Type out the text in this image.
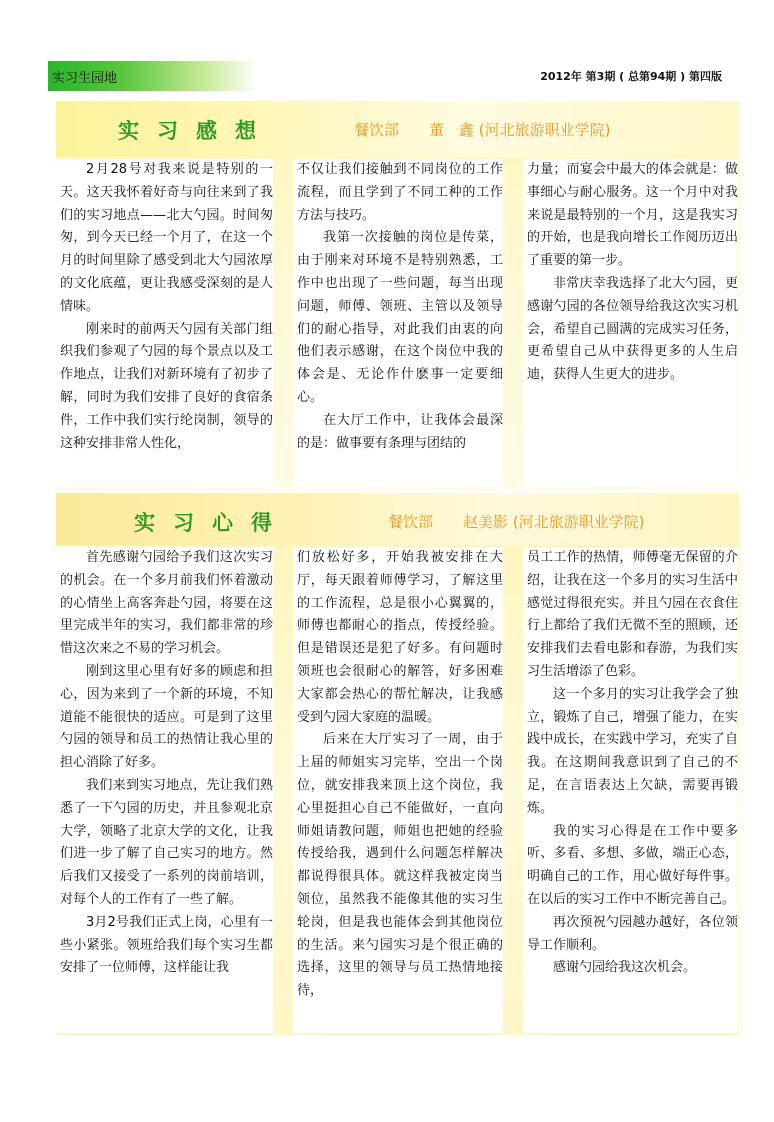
实习生园地	2012年 第3期 ( 总第94期 ) 第四版
实习感想	餐饮部　　董　鑫 (河北旅游职业学院)

2月28号对我来说是特别的一天。这天我怀着好奇与向往来到了我们的实习地点——北大勺园。时间匆匆，到今天已经一个月了，在这一个月的时间里除了感受到北大勺园浓厚的文化底蕴，更让我感受深刻的是人情味。

刚来时的前两天勺园有关部门组织我们参观了勺园的每个景点以及工作地点，让我们对新环境有了初步了解，同时为我们安排了良好的食宿条件，工作中我们实行纶岗制，领导的这种安排非常人性化，

不仅让我们接触到不同岗位的工作流程，而且学到了不同工种的工作方法与技巧。

我第一次接触的岗位是传菜，由于刚来对环境不是特别熟悉，工作中也出现了一些问题，每当出现问题，师傅、领班、主管以及领导们的耐心指导，对此我们由衷的向他们表示感谢，在这个岗位中我的体会是、无论作什麽事一定要细心。

在大厅工作中，让我体会最深的是：做事要有条理与团结的

力量；而宴会中最大的体会就是：做事细心与耐心服务。这一个月中对我来说是最特别的一个月，这是我实习的开始，也是我向增长工作阅历迈出了重要的第一步。

非常庆幸我选择了北大勺园，更感谢勺园的各位领导给我这次实习机会，希望自己圆满的完成实习任务，更希望自己从中获得更多的人生启迪，获得人生更大的进步。

实习心得	餐饮部　　赵美影 (河北旅游职业学院)

首先感谢勺园给予我们这次实习的机会。在一个多月前我们怀着激动的心情坐上高客奔赴勺园，将要在这里完成半年的实习，我们都非常的珍惜这次来之不易的学习机会。

刚到这里心里有好多的顾虑和担心，因为来到了一个新的环境，不知道能不能很快的适应。可是到了这里勺园的领导和员工的热情让我心里的担心消除了好多。

我们来到实习地点，先让我们熟悉了一下勺园的历史，并且参观北京大学，领略了北京大学的文化，让我们进一步了解了自己实习的地方。然后我们又接受了一系列的岗前培训，对每个人的工作有了一些了解。

3月2号我们正式上岗，心里有一些小紧张。领班给我们每个实习生都安排了一位师傅，这样能让我

们放松好多，开始我被安排在大厅，每天跟着师傅学习，了解这里的工作流程，总是很小心翼翼的，师傅也都耐心的指点，传授经验。但是错误还是犯了好多。有问题时领班也会很耐心的解答，好多困难大家都会热心的帮忙解决，让我感受到勺园大家庭的温暖。

后来在大厅实习了一周，由于上届的师姐实习完毕，空出一个岗位，就安排我来顶上这个岗位，我心里挺担心自己不能做好，一直向师姐请教问题，师姐也把她的经验传授给我，遇到什么问题怎样解决都说得很具体。就这样我被定岗当领位，虽然我不能像其他的实习生轮岗，但是我也能体会到其他岗位的生活。来勺园实习是个很正确的选择，这里的领导与员工热情地接待，

员工工作的热情，师傅毫无保留的介绍，让我在这一个多月的实习生活中感觉过得很充实。并且勺园在衣食住行上都给了我们无微不至的照顾，还安排我们去看电影和春游，为我们实习生活增添了色彩。

这一个多月的实习让我学会了独立，锻炼了自己，增强了能力，在实践中成长，在实践中学习，充实了自我。在这期间我意识到了自己的不足，在言语表达上欠缺，需要再锻炼。

我的实习心得是在工作中要多听、多看、多想、多做，端正心态，明确自己的工作，用心做好每件事。在以后的实习工作中不断完善自己。

再次预祝勺园越办越好，各位领导工作顺利。

感谢勺园给我这次机会。
